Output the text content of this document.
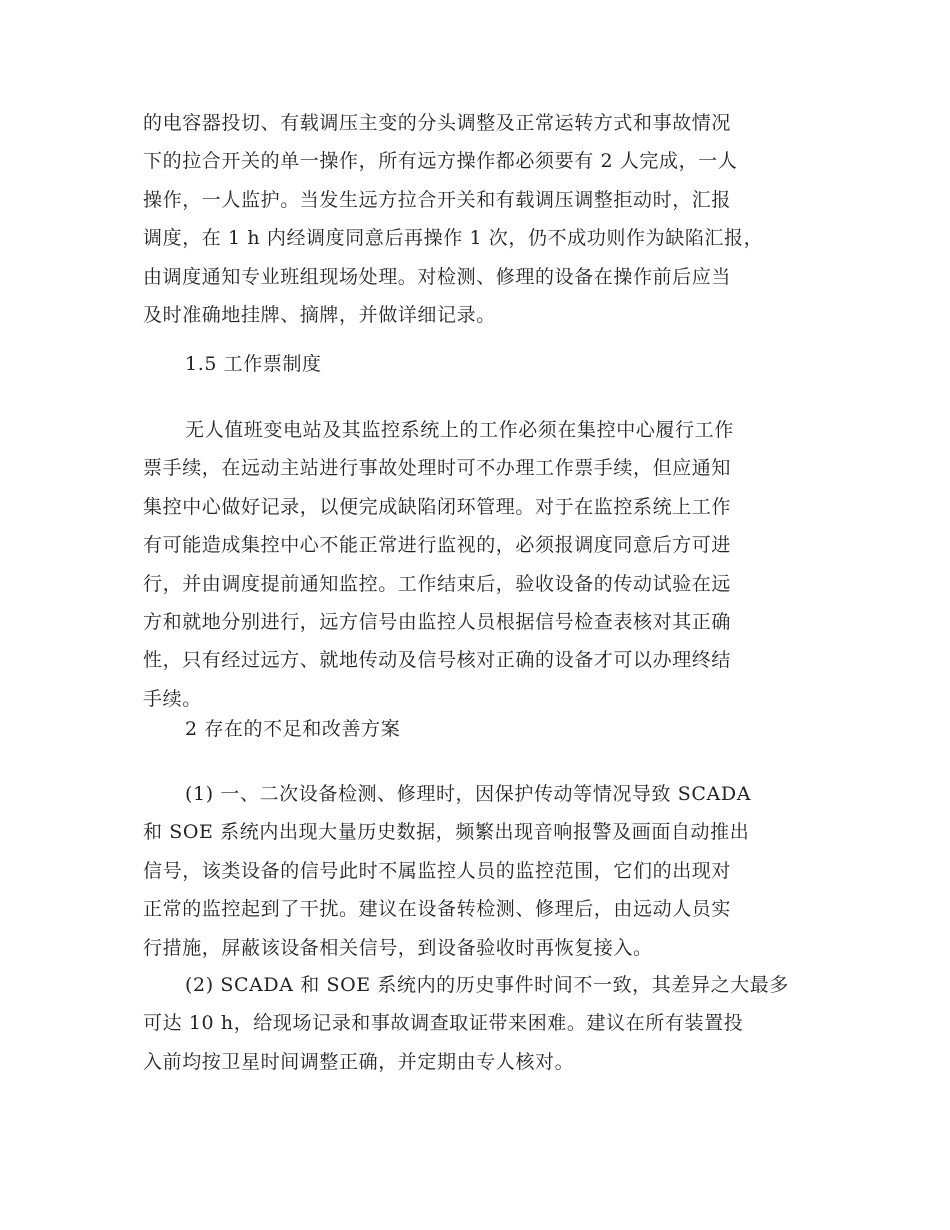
的电容器投切、有载调压主变的分头调整及正常运转方式和事故情况
下的拉合开关的单一操作，所有远方操作都必须要有 2 人完成，一人
操作，一人监护。当发生远方拉合开关和有载调压调整拒动时，汇报
调度，在 1 h 内经调度同意后再操作 1 次，仍不成功则作为缺陷汇报，
由调度通知专业班组现场处理。对检测、修理的设备在操作前后应当
及时准确地挂牌、摘牌，并做详细记录。
1.5 工作票制度
无人值班变电站及其监控系统上的工作必须在集控中心履行工作
票手续，在远动主站进行事故处理时可不办理工作票手续，但应通知
集控中心做好记录，以便完成缺陷闭环管理。对于在监控系统上工作
有可能造成集控中心不能正常进行监视的，必须报调度同意后方可进
行，并由调度提前通知监控。工作结束后，验收设备的传动试验在远
方和就地分别进行，远方信号由监控人员根据信号检查表核对其正确
性，只有经过远方、就地传动及信号核对正确的设备才可以办理终结
手续。
2 存在的不足和改善方案
(1) 一、二次设备检测、修理时，因保护传动等情况导致 SCADA
和 SOE 系统内出现大量历史数据，频繁出现音响报警及画面自动推出
信号，该类设备的信号此时不属监控人员的监控范围，它们的出现对
正常的监控起到了干扰。建议在设备转检测、修理后，由远动人员实
行措施，屏蔽该设备相关信号，到设备验收时再恢复接入。
(2) SCADA 和 SOE 系统内的历史事件时间不一致，其差异之大最多
可达 10 h，给现场记录和事故调查取证带来困难。建议在所有装置投
入前均按卫星时间调整正确，并定期由专人核对。
